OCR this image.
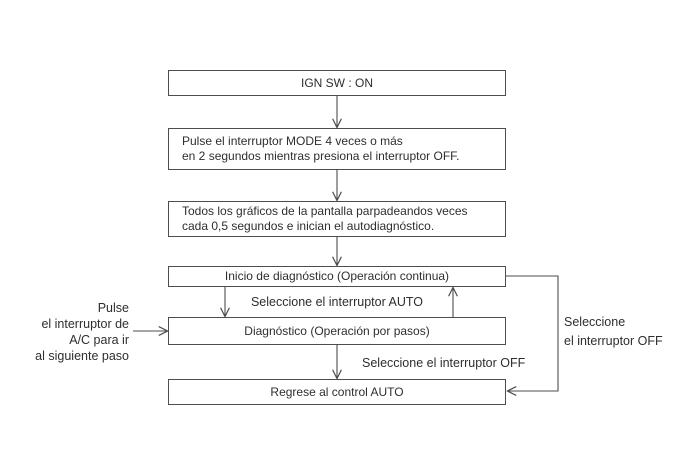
IGN SW : ON
Pulse el interruptor MODE 4 veces o más
en 2 segundos mientras presiona el interruptor OFF.
Todos los gráficos de la pantalla parpadeandos veces
cada 0,5 segundos e inician el autodiagnóstico.
Inicio de diagnóstico (Operación continua)
Diagnóstico (Operación por pasos)
Regrese al control AUTO
Seleccione el interruptor AUTO
Seleccione el interruptor OFF
Seleccione
el interruptor OFF
Pulse
el interruptor de
A/C para ir
al siguiente paso
